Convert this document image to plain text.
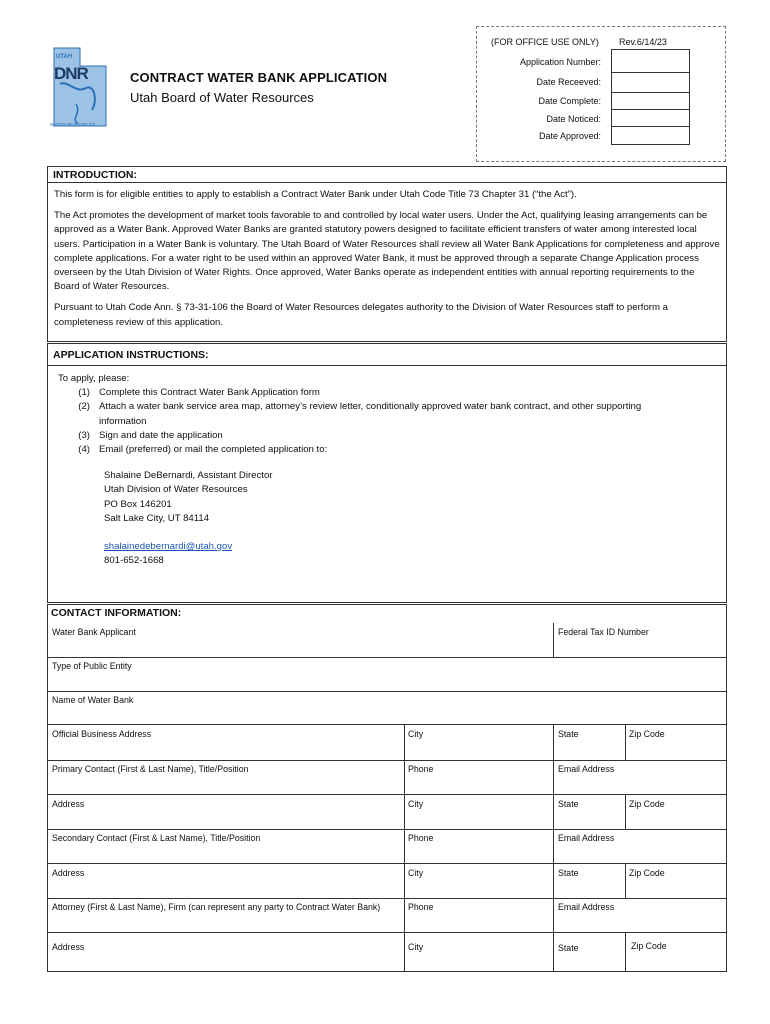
UTAH
DNR
WATER RESOURCES
CONTRACT WATER BANK APPLICATION
Utah Board of Water Resources
(FOR OFFICE USE ONLY) Rev.6/14/23
Application Number:
Date Receeved:
Date Complete:
Date Noticed:
Date Approved:
INTRODUCTION:

This form is for eligible entities to apply to establish a Contract Water Bank under Utah Code Title 73 Chapter 31 (“the Act”).

The Act promotes the development of market tools favorable to and controlled by local water users. Under the Act, qualifying leasing arrangements can be approved as a Water Bank. Approved Water Banks are granted statutory powers designed to facilitate efficient transfers of water among interested local users. Participation in a Water Bank is voluntary. The Utah Board of Water Resources shall review all Water Bank Applications for completeness and approve complete applications. For a water right to be used within an approved Water Bank, it must be approved through a separate Change Application process overseen by the Utah Division of Water Rights. Once approved, Water Banks operate as independent entities with annual reporting requirements to the Board of Water Resources.

Pursuant to Utah Code Ann. § 73-31-106 the Board of Water Resources delegates authority to the Division of Water Resources staff to perform a completeness review of this application.

APPLICATION INSTRUCTIONS:
To apply, please:
(1) Complete this Contract Water Bank Application form
(2) Attach a water bank service area map, attorney’s review letter, conditionally approved water bank contract, and other supporting information
(3) Sign and date the application
(4) Email (preferred) or mail the completed application to:
Shalaine DeBernardi, Assistant Director
Utah Division of Water Resources
PO Box 146201
Salt Lake City, UT 84114
shalainedebernardi@utah.gov
801-652-1668
CONTACT INFORMATION:
Water Bank Applicant	Federal Tax ID Number
Type of Public Entity
Name of Water Bank
Official Business Address	City	State	Zip Code
Primary Contact (First & Last Name), Title/Position	Phone	Email Address
Address	City	State	Zip Code
Secondary Contact (First & Last Name), Title/Position	Phone	Email Address
Address	City	State	Zip Code
Attorney (First & Last Name), Firm (can represent any party to Contract Water Bank)	Phone	Email Address
Address	City	State	Zip Code
